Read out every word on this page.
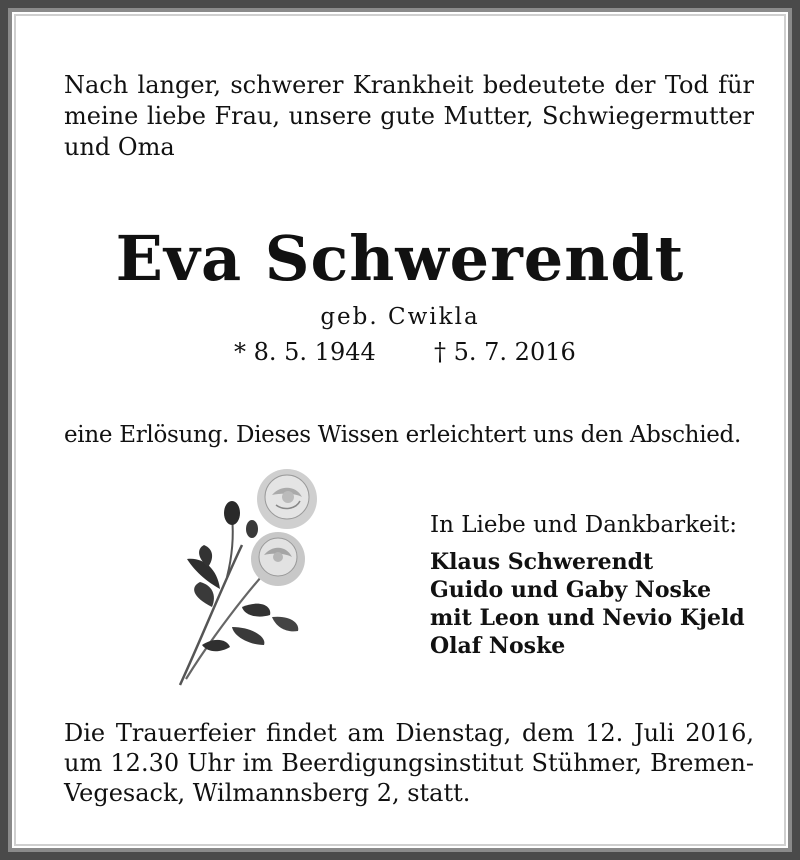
Nach langer, schwerer Krankheit bedeutete der Tod für meine liebe Frau, unsere gute Mutter, Schwiegermutter und Oma

Eva Schwerendt

geb. Cwikla

* 8. 5. 1944 † 5. 7. 2016

eine Erlösung. Dieses Wissen erleichtert uns den Abschied.

In Liebe und Dankbarkeit:

Klaus Schwerendt
Guido und Gaby Noske
mit Leon und Nevio Kjeld
Olaf Noske

Die Trauerfeier findet am Dienstag, dem 12. Juli 2016, um 12.30 Uhr im Beerdigungsinstitut Stühmer, Bremen-Vegesack, Wilmannsberg 2, statt.
